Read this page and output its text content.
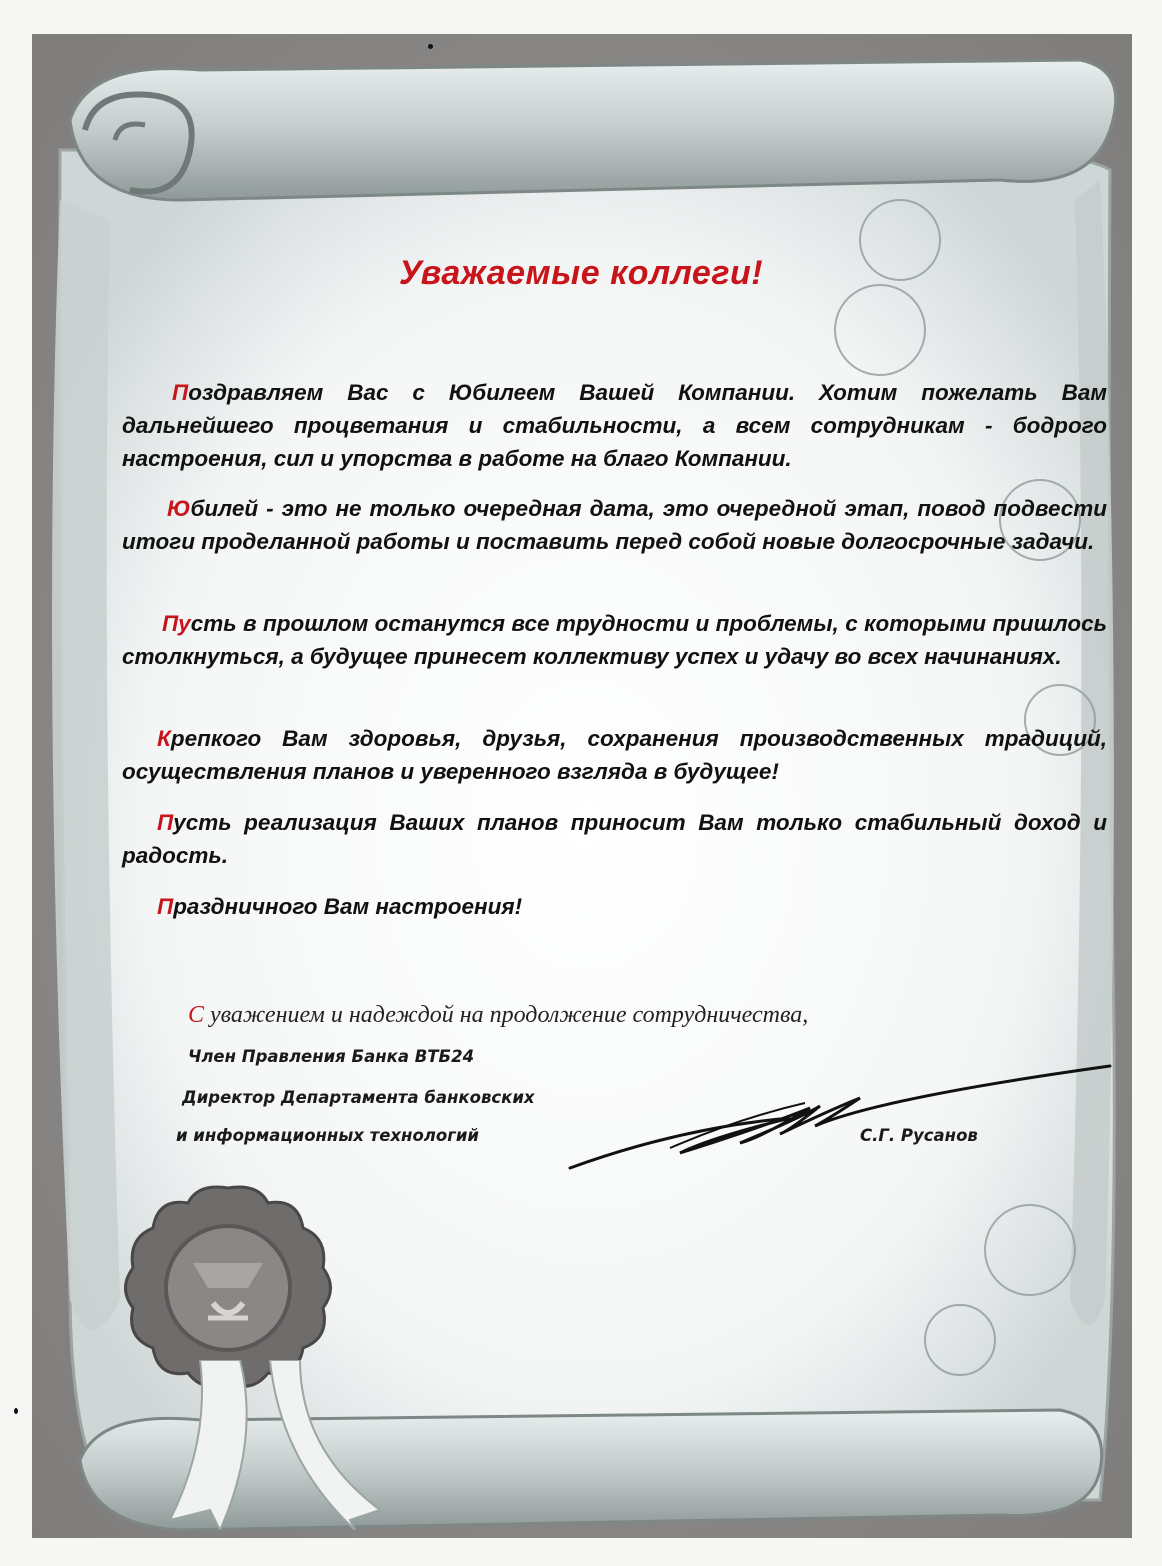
Уважаемые коллеги!

Поздравляем Вас с Юбилеем Вашей Компании. Хотим пожелать Вам дальнейшего процветания и стабильности, а всем сотрудникам - бодрого настроения, сил и упорства в работе на благо Компании.

Юбилей - это не только очередная дата, это очередной этап, повод подвести итоги проделанной работы и поставить перед собой новые долгосрочные задачи.

Пусть в прошлом останутся все трудности и проблемы, с которыми пришлось столкнуться, а будущее принесет коллективу успех и удачу во всех начинаниях.

Крепкого Вам здоровья, друзья, сохранения производственных традиций, осуществления планов и уверенного взгляда в будущее!

Пусть реализация Ваших планов приносит Вам только стабильный доход и радость.

Праздничного Вам настроения!

С уважением и надеждой на продолжение сотрудничества,
Член Правления Банка ВТБ24
Директор Департамента банковских
и информационных технологий	С.Г. Русанов
